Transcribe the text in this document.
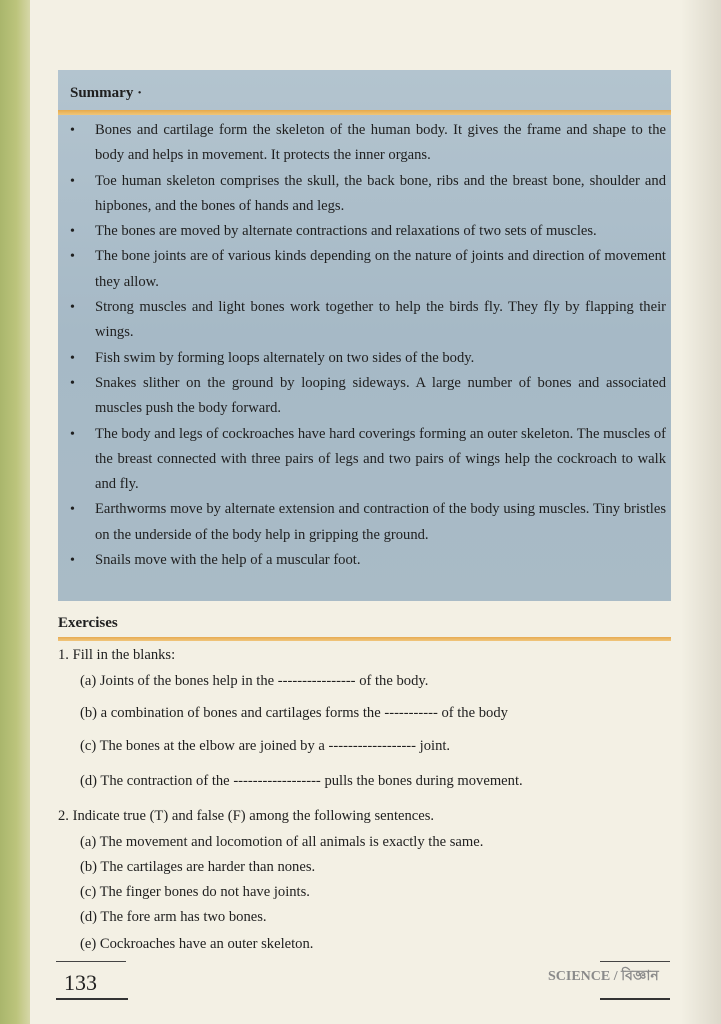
Summary ·
• Bones and cartilage form the skeleton of the human body. It gives the frame and shape to the body and helps in movement. It protects the inner organs.
• Toe human skeleton comprises the skull, the back bone, ribs and the breast bone, shoulder and hipbones, and the bones of hands and legs.
• The bones are moved by alternate contractions and relaxations of two sets of muscles.
• The bone joints are of various kinds depending on the nature of joints and direction of movement they allow.
• Strong muscles and light bones work together to help the birds fly. They fly by flapping their wings.
• Fish swim by forming loops alternately on two sides of the body.
• Snakes slither on the ground by looping sideways. A large number of bones and associated muscles push the body forward.
• The body and legs of cockroaches have hard coverings forming an outer skeleton. The muscles of the breast connected with three pairs of legs and two pairs of wings help the cockroach to walk and fly.
• Earthworms move by alternate extension and contraction of the body using muscles. Tiny bristles on the underside of the body help in gripping the ground.
• Snails move with the help of a muscular foot.
Exercises
1. Fill in the blanks:
(a) Joints of the bones help in the ---------------- of the body.
(b) a combination of bones and cartilages forms the ----------- of the body
(c) The bones at the elbow are joined by a ------------------ joint.
(d) The contraction of the ------------------ pulls the bones during movement.
2. Indicate true (T) and false (F) among the following sentences.
(a) The movement and locomotion of all animals is exactly the same.
(b) The cartilages are harder than nones.
(c) The finger bones do not have joints.
(d) The fore arm has two bones.
(e) Cockroaches have an outer skeleton.
133	SCIENCE / বিজ্ঞান
